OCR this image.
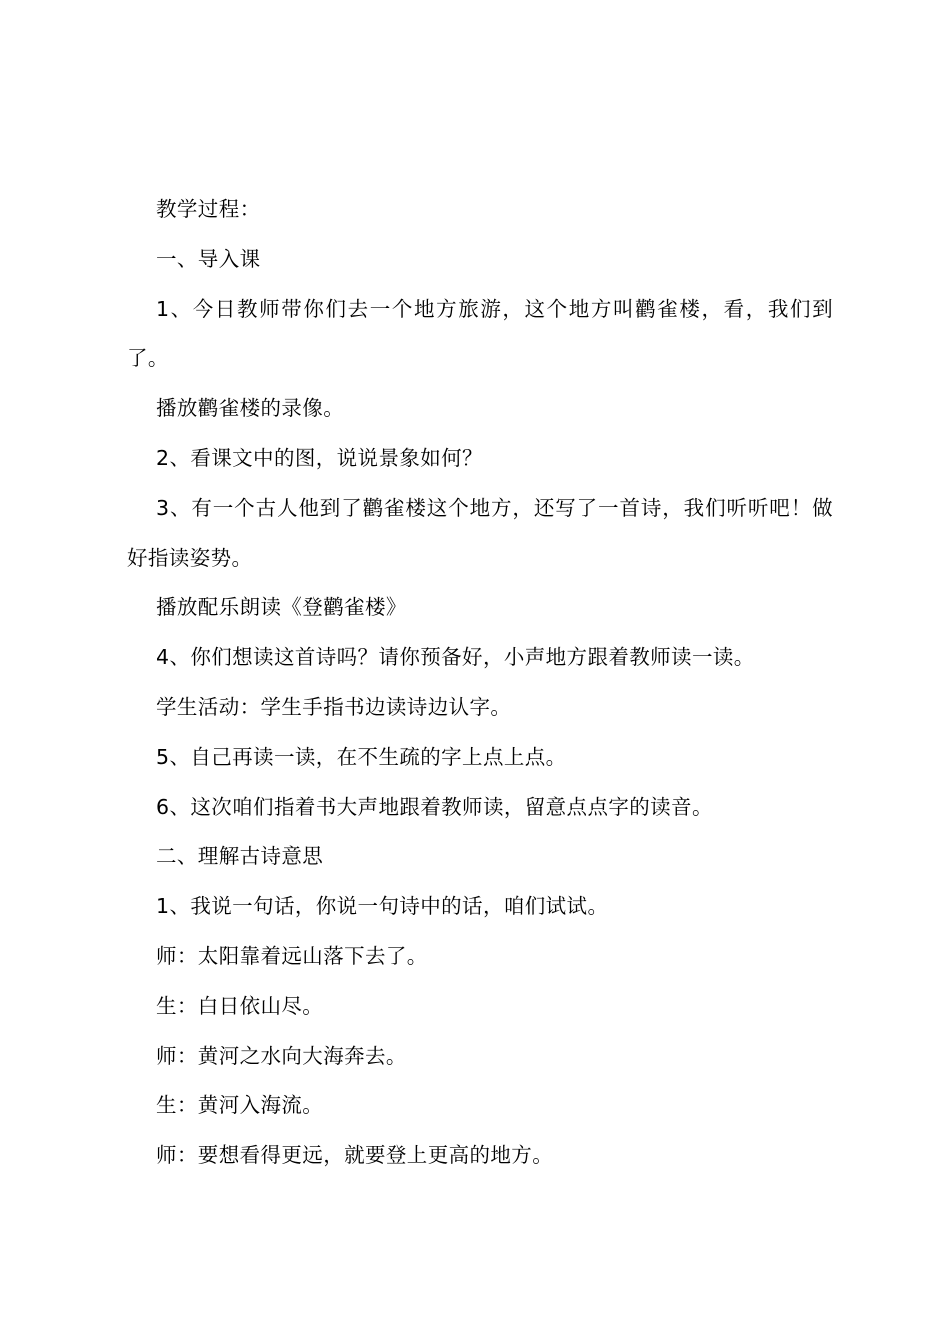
教学过程：

一、导入课

1、今日教师带你们去一个地方旅游，这个地方叫鹳雀楼，看，我们到了。

播放鹳雀楼的录像。

2、看课文中的图，说说景象如何？

3、有一个古人他到了鹳雀楼这个地方，还写了一首诗，我们听听吧！做好指读姿势。

播放配乐朗读《登鹳雀楼》

4、你们想读这首诗吗？请你预备好，小声地方跟着教师读一读。

学生活动：学生手指书边读诗边认字。

5、自己再读一读，在不生疏的字上点上点。

6、这次咱们指着书大声地跟着教师读，留意点点字的读音。

二、理解古诗意思

1、我说一句话，你说一句诗中的话，咱们试试。

师：太阳靠着远山落下去了。

生：白日依山尽。

师：黄河之水向大海奔去。

生：黄河入海流。

师：要想看得更远，就要登上更高的地方。
